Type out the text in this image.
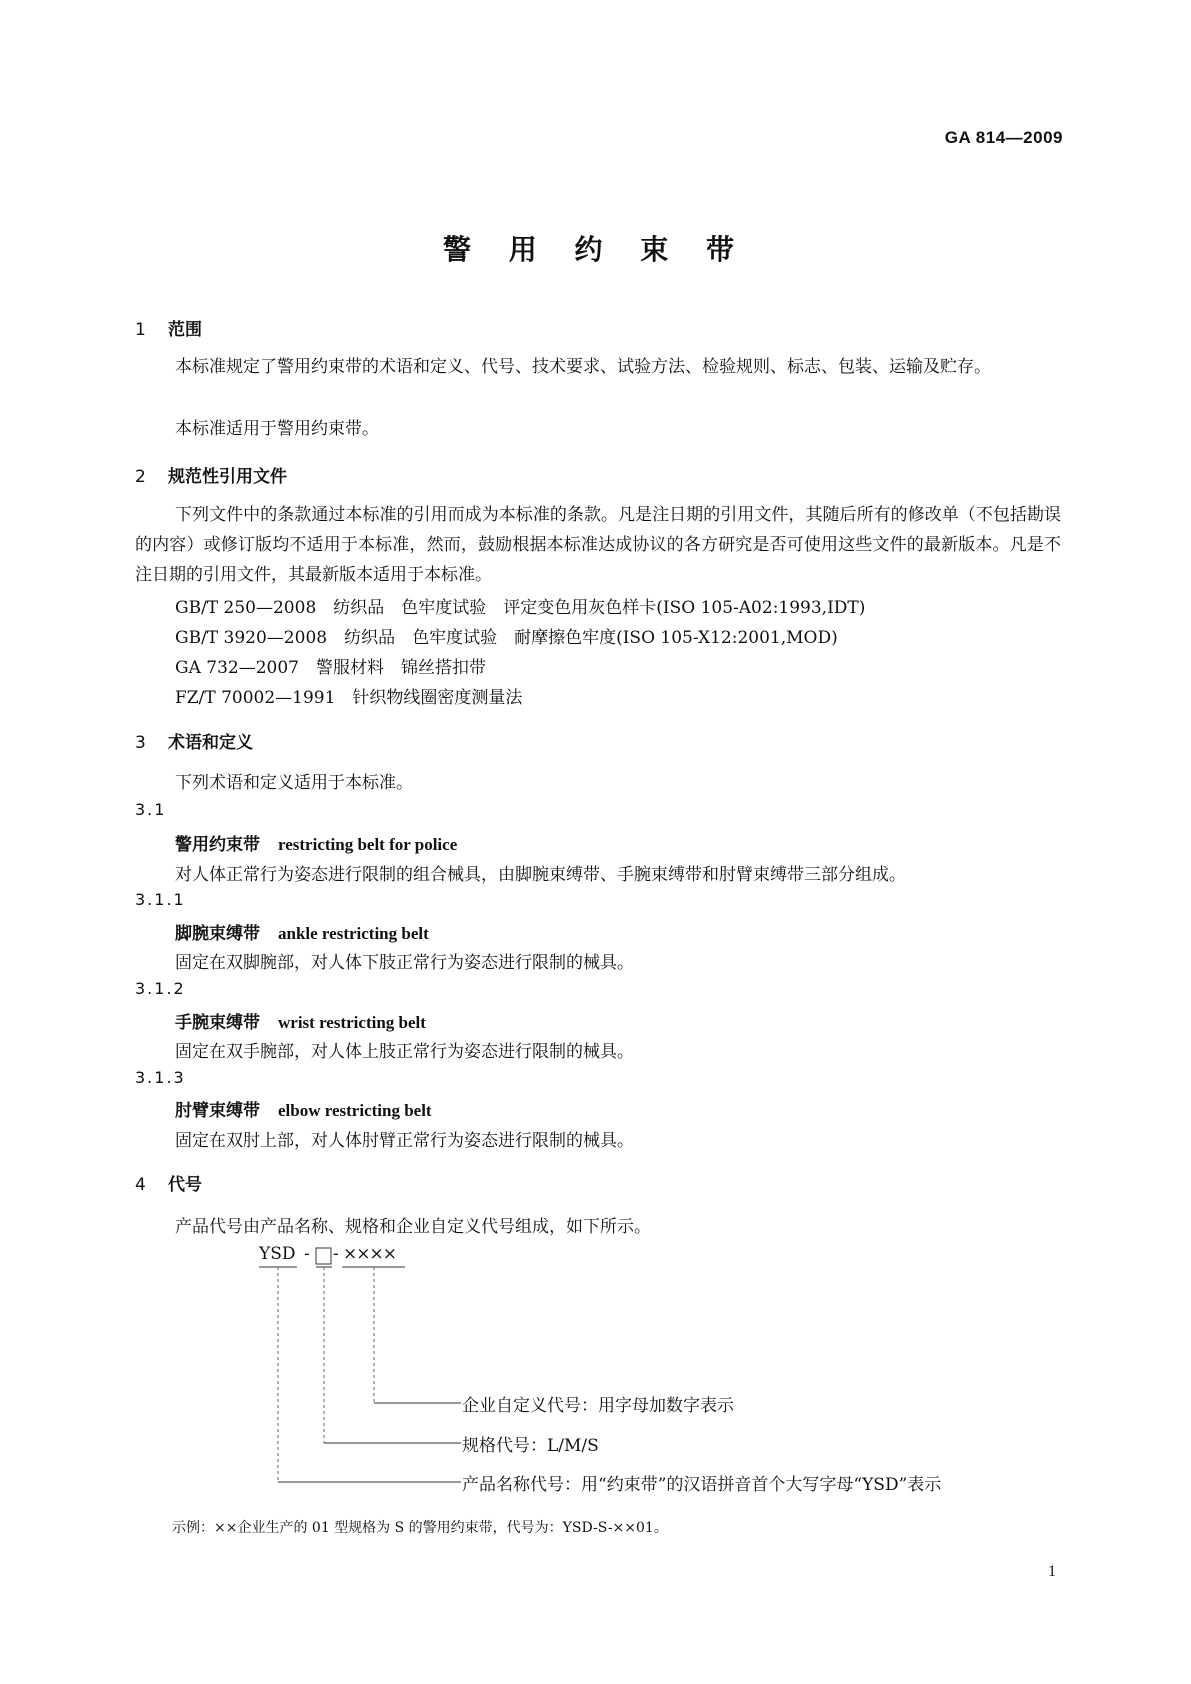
GA 814—2009
警 用 约 束 带
1 范围
本标准规定了警用约束带的术语和定义、代号、技术要求、试验方法、检验规则、标志、包装、运输及贮存。
本标准适用于警用约束带。
2 规范性引用文件
下列文件中的条款通过本标准的引用而成为本标准的条款。凡是注日期的引用文件，其随后所有的修改单（不包括勘误的内容）或修订版均不适用于本标准，然而，鼓励根据本标准达成协议的各方研究是否可使用这些文件的最新版本。凡是不注日期的引用文件，其最新版本适用于本标准。
GB/T 250—2008　纺织品　色牢度试验　评定变色用灰色样卡(ISO 105-A02:1993,IDT)
GB/T 3920—2008　纺织品　色牢度试验　耐摩擦色牢度(ISO 105-X12:2001,MOD)
GA 732—2007　警服材料　锦丝搭扣带
FZ/T 70002—1991　针织物线圈密度测量法
3 术语和定义
下列术语和定义适用于本标准。
3.1
警用约束带 restricting belt for police
对人体正常行为姿态进行限制的组合械具，由脚腕束缚带、手腕束缚带和肘臂束缚带三部分组成。
3.1.1
脚腕束缚带 ankle restricting belt
固定在双脚腕部，对人体下肢正常行为姿态进行限制的械具。
3.1.2
手腕束缚带 wrist restricting belt
固定在双手腕部，对人体上肢正常行为姿态进行限制的械具。
3.1.3
肘臂束缚带 elbow restricting belt
固定在双肘上部，对人体肘臂正常行为姿态进行限制的械具。
4 代号
产品代号由产品名称、规格和企业自定义代号组成，如下所示。
YSD - - ××××
企业自定义代号：用字母加数字表示
规格代号：L/M/S
产品名称代号：用“约束带”的汉语拼音首个大写字母“YSD”表示
示例：××企业生产的 01 型规格为 S 的警用约束带，代号为：YSD-S-××01。
1
